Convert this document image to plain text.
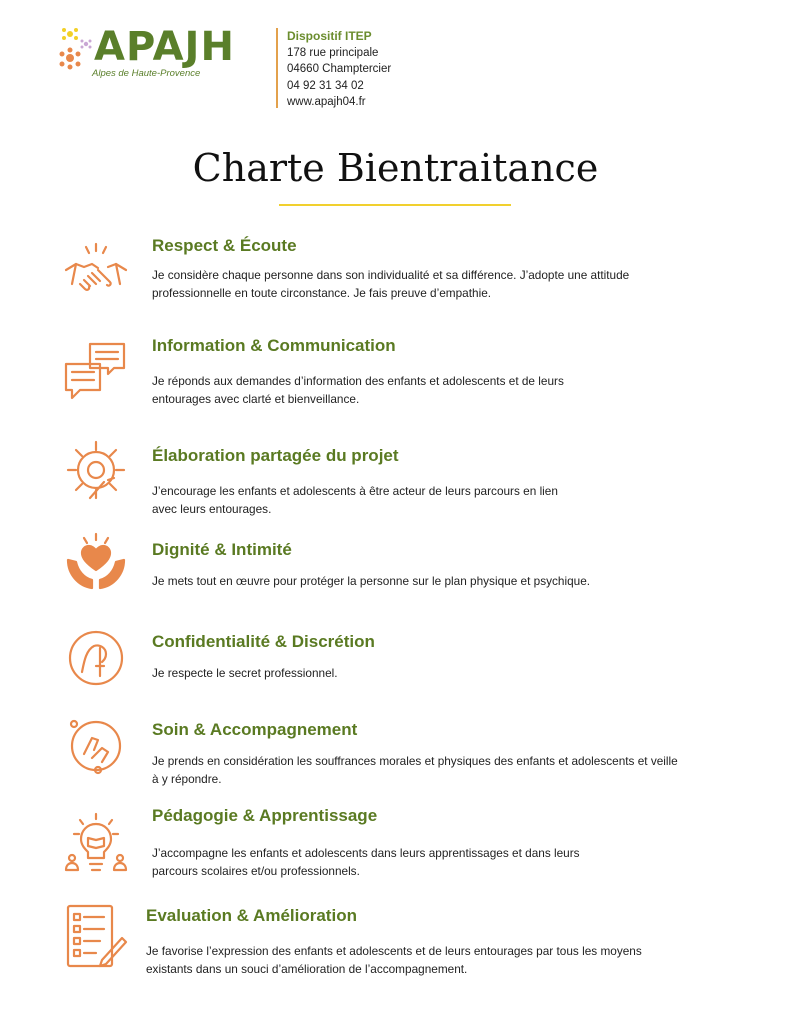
APAJH
Alpes de Haute-Provence
Dispositif ITEP
178 rue principale
04660 Champtercier
04 92 31 34 02
www.apajh04.fr
Charte Bientraitance
Respect & Écoute

Je considère chaque personne dans son individualité et sa différence. J’adopte une attitude

professionnelle en toute circonstance. Je fais preuve d’empathie.

Information & Communication

Je réponds aux demandes d’information des enfants et adolescents et de leurs

entourages avec clarté et bienveillance.

Élaboration partagée du projet

J’encourage les enfants et adolescents à être acteur de leurs parcours en lien

avec leurs entourages.

Dignité & Intimité

Je mets tout en œuvre pour protéger la personne sur le plan physique et psychique.

Confidentialité & Discrétion

Je respecte le secret professionnel.

Soin & Accompagnement

Je prends en considération les souffrances morales et physiques des enfants et adolescents et veille

à y répondre.

Pédagogie & Apprentissage

J’accompagne les enfants et adolescents dans leurs apprentissages et dans leurs

parcours scolaires et/ou professionnels.

Evaluation & Amélioration

Je favorise l’expression des enfants et adolescents et de leurs entourages par tous les moyens

existants dans un souci d’amélioration de l’accompagnement.
